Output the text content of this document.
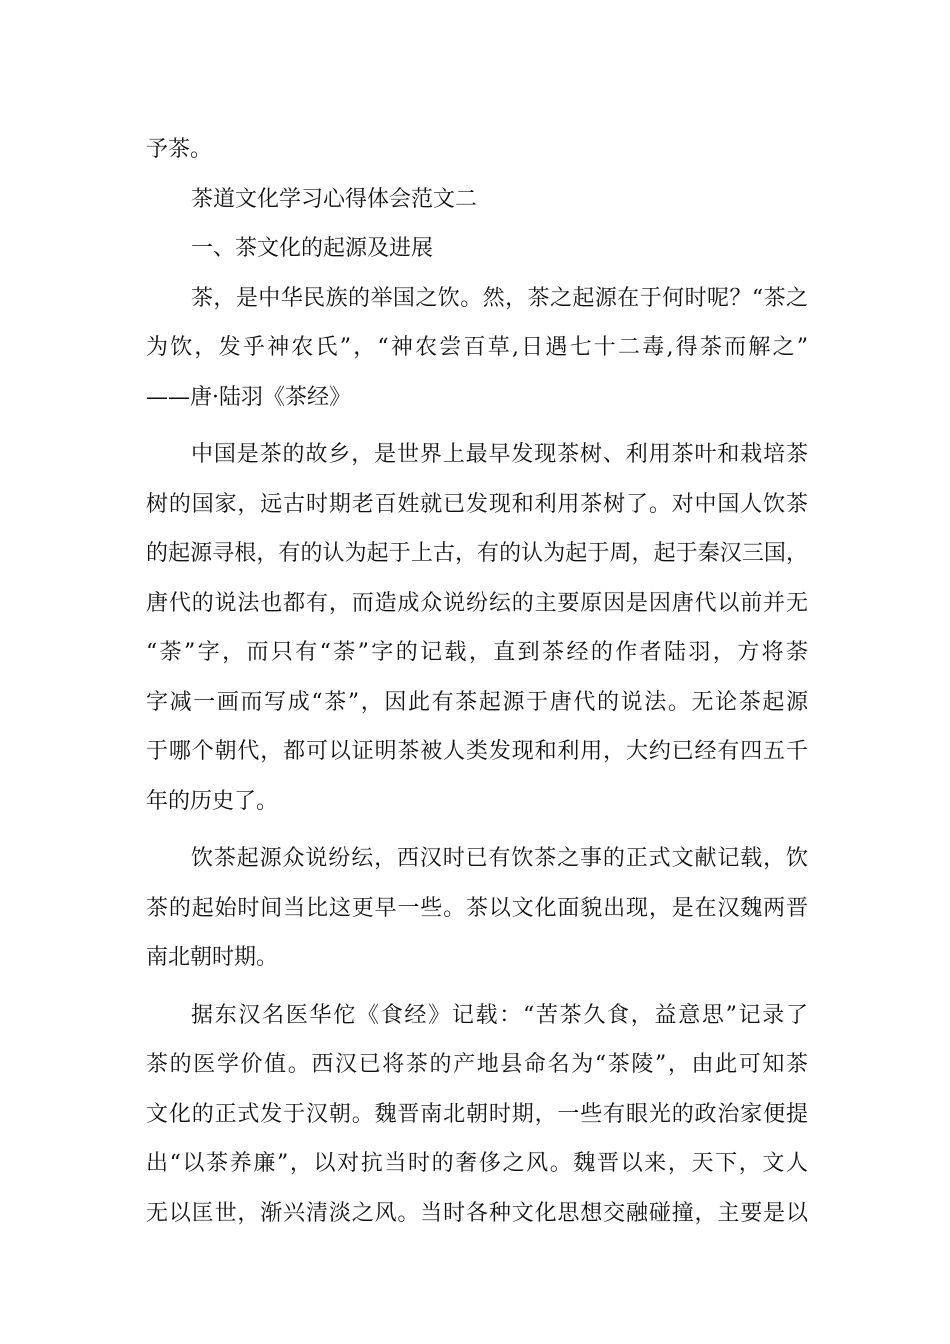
予茶。
茶道文化学习心得体会范文二
一、茶文化的起源及进展
茶，是中华民族的举国之饮。然，茶之起源在于何时呢？“茶之
为饮，发乎神农氏”，“神农尝百草,日遇七十二毒,得茶而解之”
——唐·陆羽《茶经》
中国是茶的故乡，是世界上最早发现茶树、利用茶叶和栽培茶
树的国家，远古时期老百姓就已发现和利用茶树了。对中国人饮茶
的起源寻根，有的认为起于上古，有的认为起于周，起于秦汉三国，
唐代的说法也都有，而造成众说纷纭的主要原因是因唐代以前并无
“荼”字，而只有“荼”字的记载，直到茶经的作者陆羽，方将荼
字减一画而写成“茶”，因此有茶起源于唐代的说法。无论茶起源
于哪个朝代，都可以证明茶被人类发现和利用，大约已经有四五千
年的历史了。
饮茶起源众说纷纭，西汉时已有饮茶之事的正式文献记载，饮
茶的起始时间当比这更早一些。茶以文化面貌出现，是在汉魏两晋
南北朝时期。
据东汉名医华佗《食经》记载：“苦茶久食，益意思”记录了
茶的医学价值。西汉已将茶的产地县命名为“茶陵”，由此可知茶
文化的正式发于汉朝。魏晋南北朝时期，一些有眼光的政治家便提
出“以茶养廉”，以对抗当时的奢侈之风。魏晋以来，天下，文人
无以匡世，渐兴清淡之风。当时各种文化思想交融碰撞，主要是以
